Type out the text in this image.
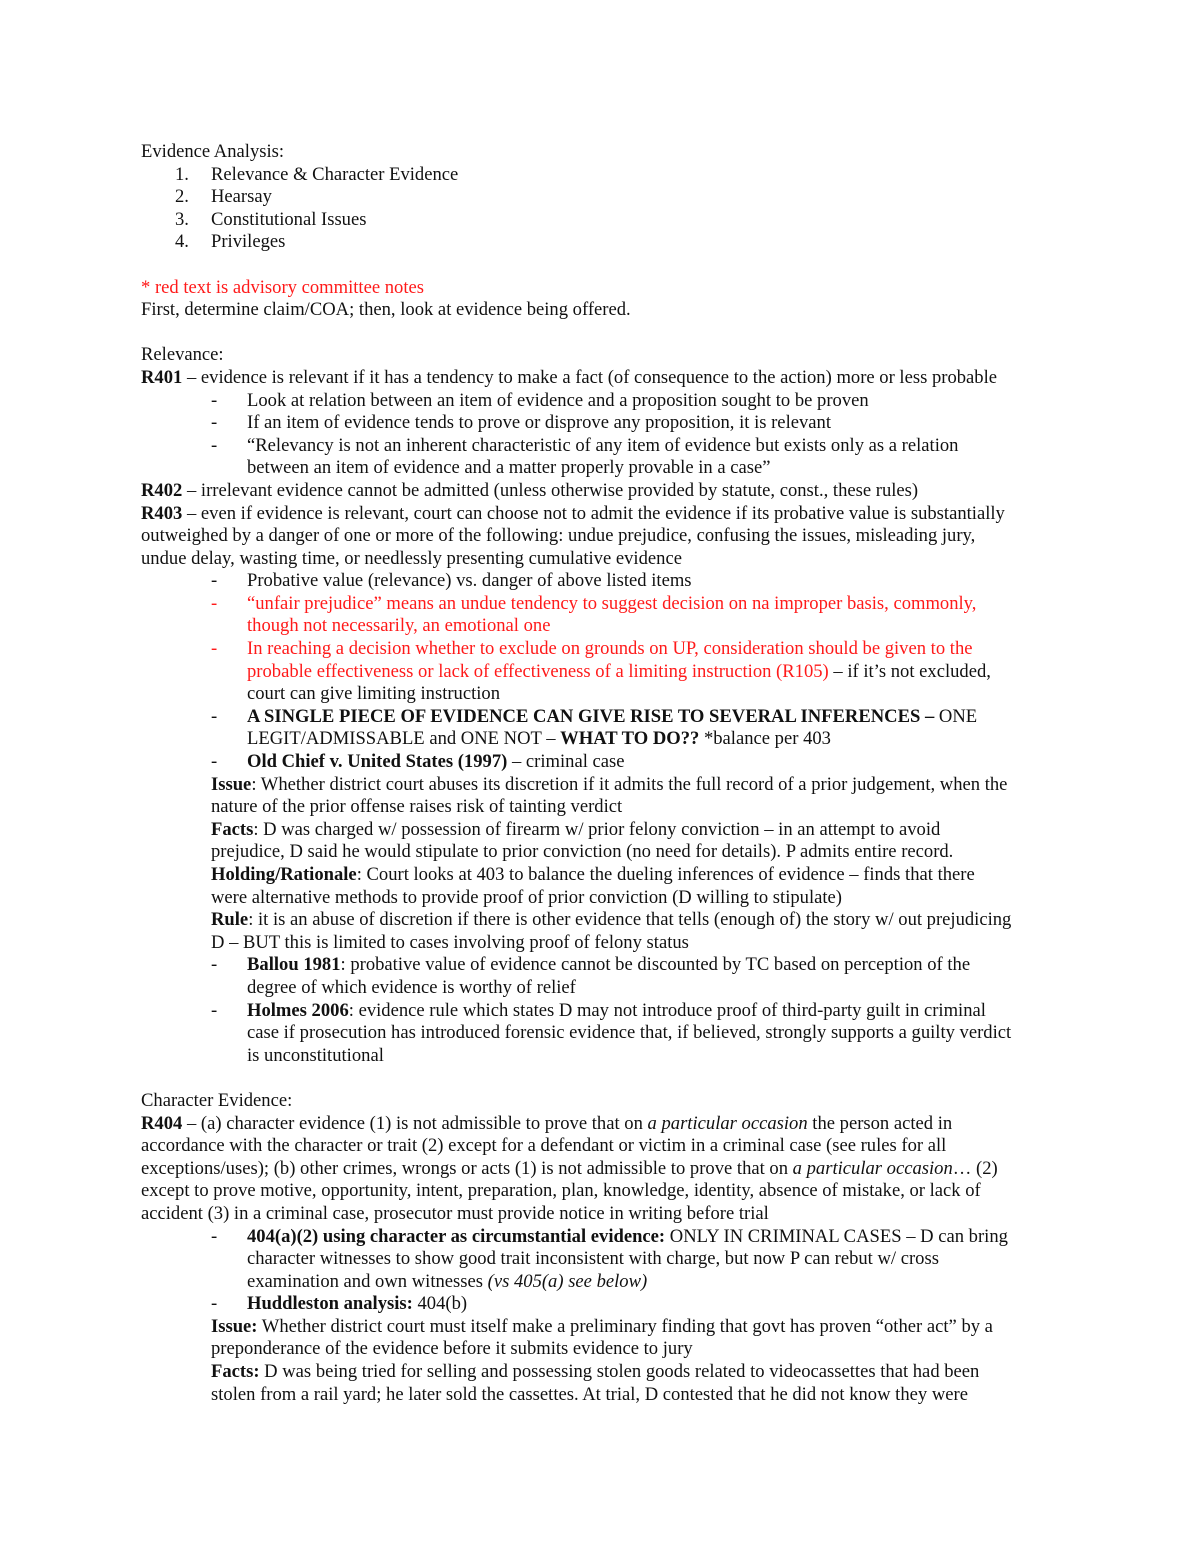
Evidence Analysis:
1.	Relevance & Character Evidence
2.	Hearsay
3.	Constitutional Issues
4.	Privileges
* red text is advisory committee notes
First, determine claim/COA; then, look at evidence being offered.
Relevance:
R401 – evidence is relevant if it has a tendency to make a fact (of consequence to the action) more or less probable
-	Look at relation between an item of evidence and a proposition sought to be proven
-	If an item of evidence tends to prove or disprove any proposition, it is relevant
-	“Relevancy is not an inherent characteristic of any item of evidence but exists only as a relation
between an item of evidence and a matter properly provable in a case”
R402 – irrelevant evidence cannot be admitted (unless otherwise provided by statute, const., these rules)
R403 – even if evidence is relevant, court can choose not to admit the evidence if its probative value is substantially
outweighed by a danger of one or more of the following: undue prejudice, confusing the issues, misleading jury,
undue delay, wasting time, or needlessly presenting cumulative evidence
-	Probative value (relevance) vs. danger of above listed items
-	“unfair prejudice” means an undue tendency to suggest decision on na improper basis, commonly,
though not necessarily, an emotional one
-	In reaching a decision whether to exclude on grounds on UP, consideration should be given to the
probable effectiveness or lack of effectiveness of a limiting instruction (R105) – if it’s not excluded,
court can give limiting instruction
-	A SINGLE PIECE OF EVIDENCE CAN GIVE RISE TO SEVERAL INFERENCES – ONE
LEGIT/ADMISSABLE and ONE NOT – WHAT TO DO?? *balance per 403
-	Old Chief v. United States (1997) – criminal case
Issue: Whether district court abuses its discretion if it admits the full record of a prior judgement, when the
nature of the prior offense raises risk of tainting verdict
Facts: D was charged w/ possession of firearm w/ prior felony conviction – in an attempt to avoid
prejudice, D said he would stipulate to prior conviction (no need for details). P admits entire record.
Holding/Rationale: Court looks at 403 to balance the dueling inferences of evidence – finds that there
were alternative methods to provide proof of prior conviction (D willing to stipulate)
Rule: it is an abuse of discretion if there is other evidence that tells (enough of) the story w/ out prejudicing
D – BUT this is limited to cases involving proof of felony status
-	Ballou 1981: probative value of evidence cannot be discounted by TC based on perception of the
degree of which evidence is worthy of relief
-	Holmes 2006: evidence rule which states D may not introduce proof of third-party guilt in criminal
case if prosecution has introduced forensic evidence that, if believed, strongly supports a guilty verdict
is unconstitutional
Character Evidence:
R404 – (a) character evidence (1) is not admissible to prove that on a particular occasion the person acted in
accordance with the character or trait (2) except for a defendant or victim in a criminal case (see rules for all
exceptions/uses); (b) other crimes, wrongs or acts (1) is not admissible to prove that on a particular occasion… (2)
except to prove motive, opportunity, intent, preparation, plan, knowledge, identity, absence of mistake, or lack of
accident (3) in a criminal case, prosecutor must provide notice in writing before trial
-	404(a)(2) using character as circumstantial evidence: ONLY IN CRIMINAL CASES – D can bring
character witnesses to show good trait inconsistent with charge, but now P can rebut w/ cross
examination and own witnesses (vs 405(a) see below)
-	Huddleston analysis: 404(b)
Issue: Whether district court must itself make a preliminary finding that govt has proven “other act” by a
preponderance of the evidence before it submits evidence to jury
Facts: D was being tried for selling and possessing stolen goods related to videocassettes that had been
stolen from a rail yard; he later sold the cassettes. At trial, D contested that he did not know they were
